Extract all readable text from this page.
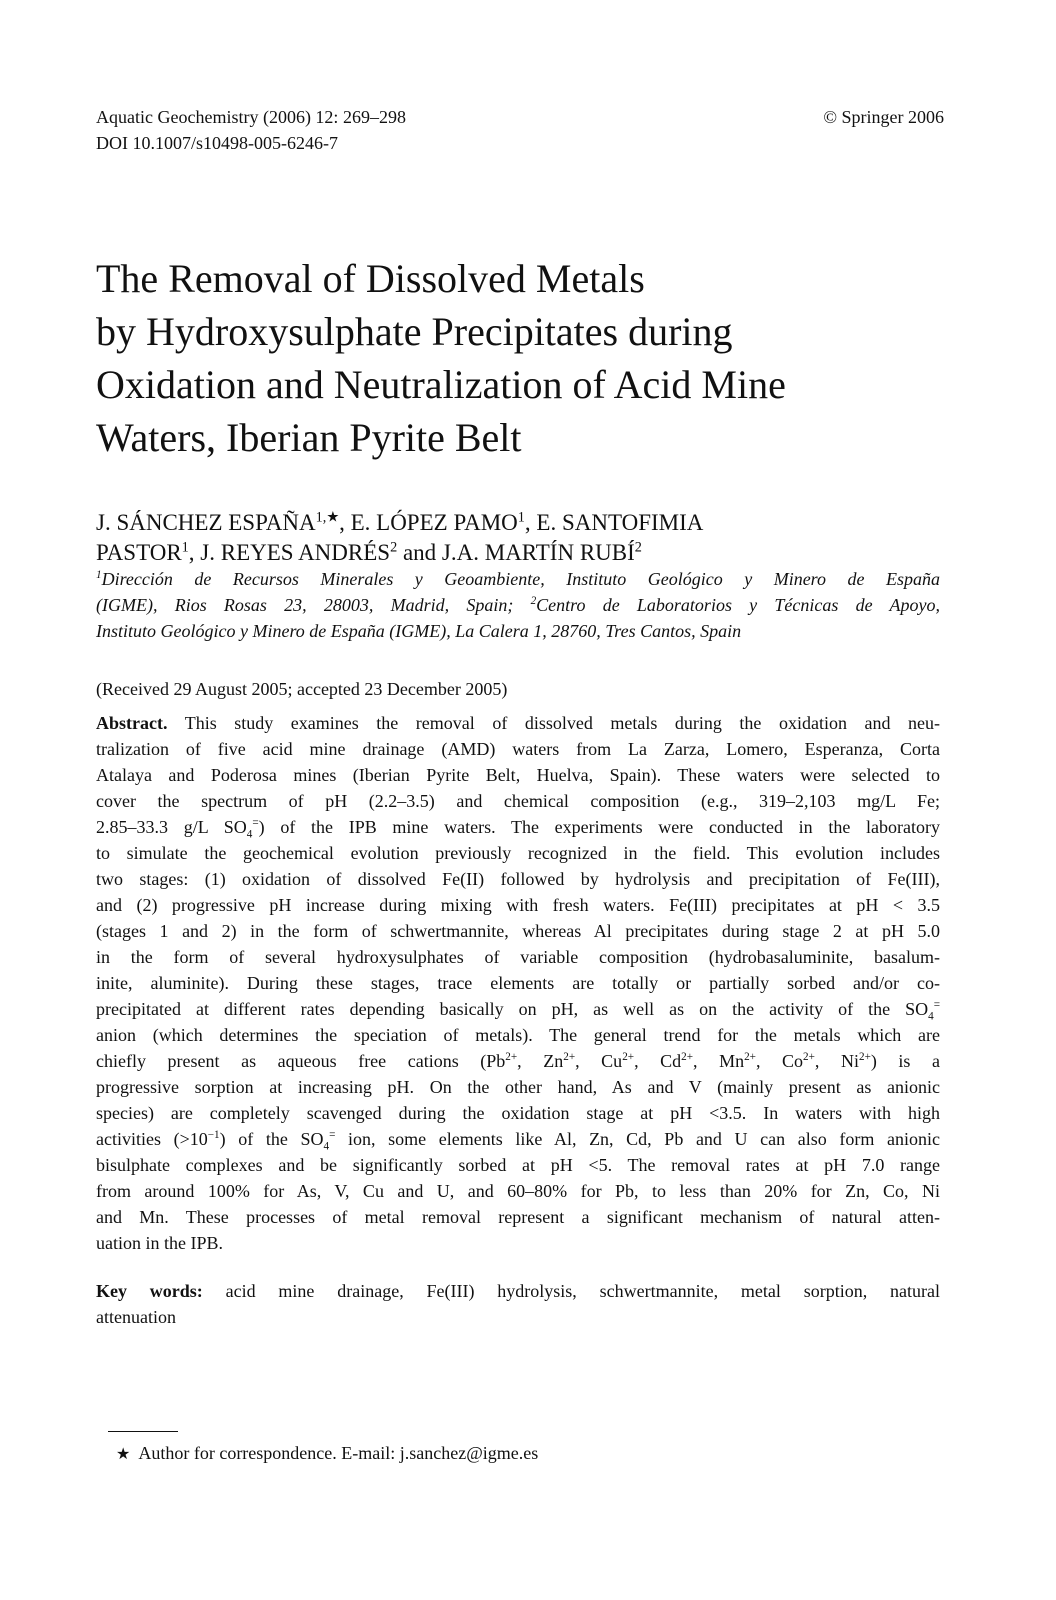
Aquatic Geochemistry (2006) 12: 269–298
DOI 10.1007/s10498-005-6246-7
© Springer 2006
The Removal of Dissolved Metals
by Hydroxysulphate Precipitates during
Oxidation and Neutralization of Acid Mine
Waters, Iberian Pyrite Belt
J. SÁNCHEZ $ESPAÑA^{1,★}$, E. LÓPEZ PAMO$^1$, E. SANTOFIMIA
PASTOR$^1$, J. REYES ANDRÉS$^2$ and J.A. MARTÍN RUBÍ$^2$
$^1$Dirección de Recursos Minerales y Geoambiente, Instituto Geológico y Minero de España
(IGME), Rios Rosas 23, 28003, Madrid, Spain; $^2$Centro de Laboratorios y Técnicas de Apoyo,
Instituto Geológico y Minero de España (IGME), La Calera 1, 28760, Tres Cantos, Spain
(Received 29 August 2005; accepted 23 December 2005)
Abstract. This study examines the removal of dissolved metals during the oxidation and neu-
tralization of five acid mine drainage (AMD) waters from La Zarza, Lomero, Esperanza, Corta
Atalaya and Poderosa mines (Iberian Pyrite Belt, Huelva, Spain). These waters were selected to
cover the spectrum of pH (2.2–3.5) and chemical composition (e.g., 319–2,103 mg/L Fe;
2.85–33.3 g/L $SO_4^=$) of the IPB mine waters. The experiments were conducted in the laboratory
to simulate the geochemical evolution previously recognized in the field. This evolution includes
two stages: (1) oxidation of dissolved Fe(II) followed by hydrolysis and precipitation of Fe(III),
and (2) progressive pH increase during mixing with fresh waters. Fe(III) precipitates at pH < 3.5
(stages 1 and 2) in the form of schwertmannite, whereas Al precipitates during stage 2 at pH 5.0
in the form of several hydroxysulphates of variable composition (hydrobasaluminite, basalum-
inite, aluminite). During these stages, trace elements are totally or partially sorbed and/or co-
precipitated at different rates depending basically on pH, as well as on the activity of the $SO_4^=$
anion (which determines the speciation of metals). The general trend for the metals which are
chiefly present as aqueous free cations ($Pb^{2+}$, $Zn^{2+}$, $Cu^{2+}$, $Cd^{2+}$, $Mn^{2+}$, $Co^{2+}$, $Ni^{2+}$) is a
progressive sorption at increasing pH. On the other hand, As and V (mainly present as anionic
species) are completely scavenged during the oxidation stage at pH <3.5. In waters with high
activities $(>10^{-1})$ of the $SO_4^=$ ion, some elements like Al, Zn, Cd, Pb and U can also form anionic
bisulphate complexes and be significantly sorbed at pH <5. The removal rates at pH 7.0 range
from around 100% for As, V, Cu and U, and 60–80% for Pb, to less than 20% for Zn, Co, Ni
and Mn. These processes of metal removal represent a significant mechanism of natural atten-
uation in the IPB.
Key words: acid mine drainage, Fe(III) hydrolysis, schwertmannite, metal sorption, natural
attenuation
★ Author for correspondence. E-mail: j.sanchez@igme.es
